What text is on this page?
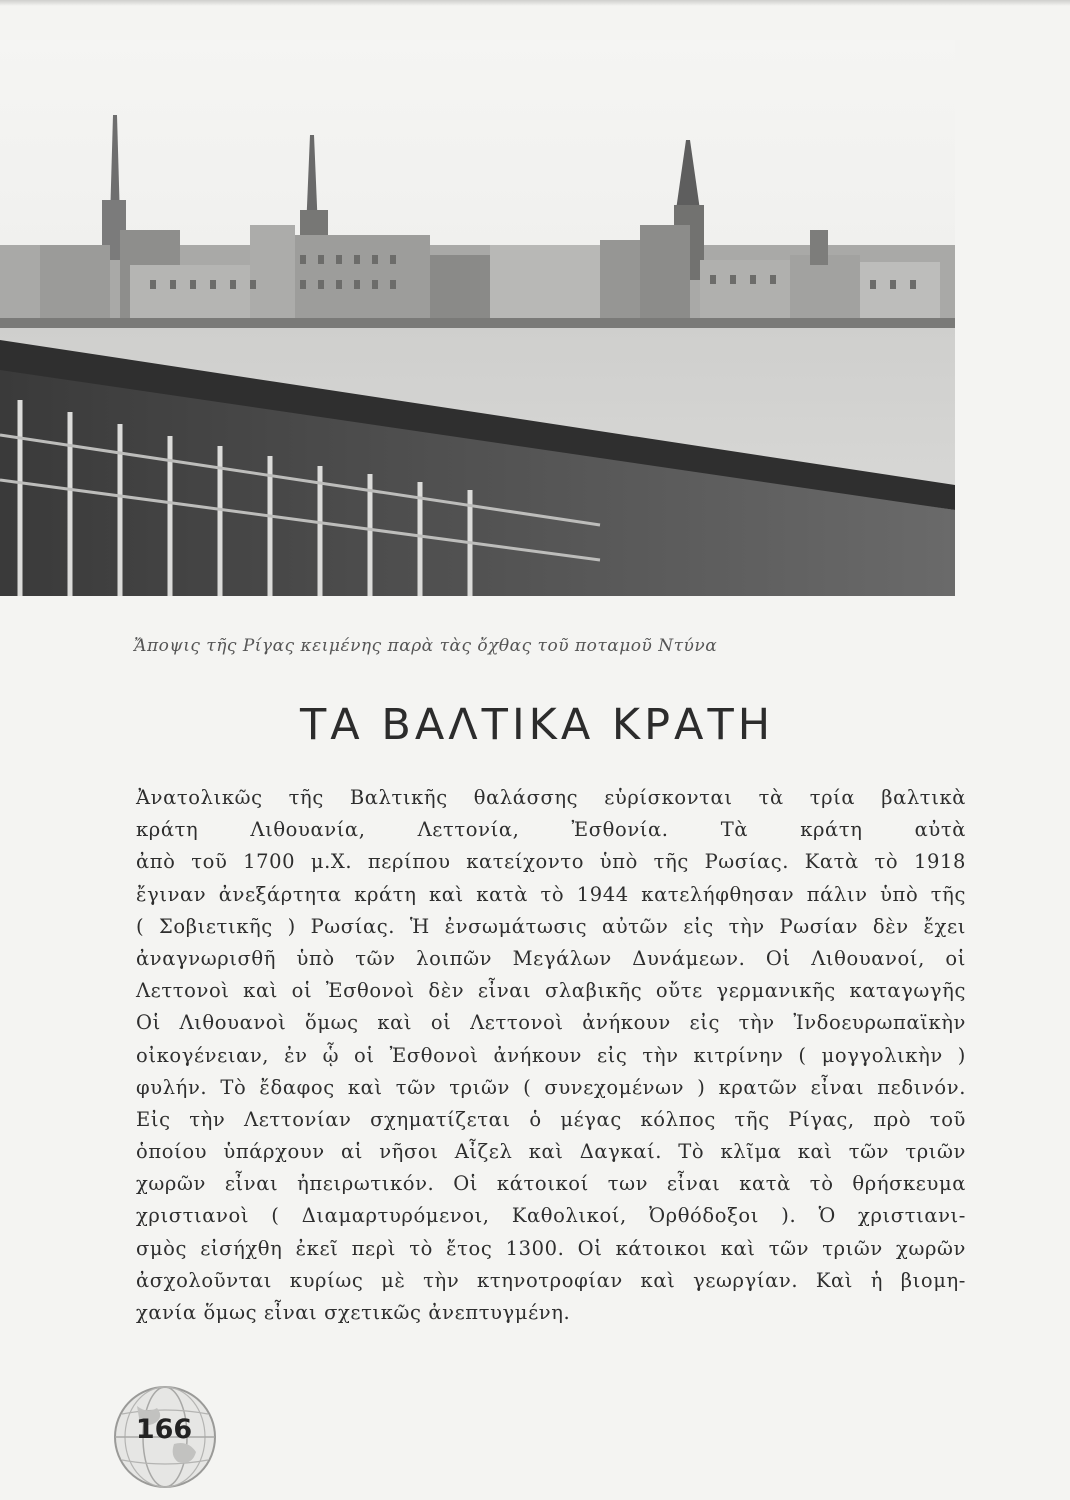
Ἄποψις τῆς Ρίγας κειμένης παρὰ τὰς ὄχθας τοῦ ποταμοῦ Ντύνα

ΤΑ ΒΑΛΤΙΚΑ ΚΡΑΤΗ
Ἀνατολικῶς τῆς Βαλτικῆς θαλάσσης εὑρίσκονται τὰ τρία βαλτικὰ
κράτη Λιθουανία, Λεττονία, Ἐσθονία. Τὰ κράτη αὐτὰ
ἀπὸ τοῦ 1700 μ.Χ. περίπου κατείχοντο ὑπὸ τῆς Ρωσίας. Κατὰ τὸ 1918
ἔγιναν ἀνεξάρτητα κράτη καὶ κατὰ τὸ 1944 κατελήφθησαν πάλιν ὑπὸ τῆς
( Σοβιετικῆς ) Ρωσίας. Ἡ ἐνσωμάτωσις αὐτῶν εἰς τὴν Ρωσίαν δὲν ἔχει
ἀναγνωρισθῆ ὑπὸ τῶν λοιπῶν Μεγάλων Δυνάμεων. Οἱ Λιθουανοί, οἱ
Λεττονοὶ καὶ οἱ Ἐσθονοὶ δὲν εἶναι σλαβικῆς οὔτε γερμανικῆς καταγωγῆς
Οἱ Λιθουανοὶ ὅμως καὶ οἱ Λεττονοὶ ἀνήκουν εἰς τὴν Ἰνδοευρωπαϊκὴν
οἰκογένειαν, ἐν ᾧ οἱ Ἐσθονοὶ ἀνήκουν εἰς τὴν κιτρίνην ( μογγολικὴν )
φυλήν. Τὸ ἔδαφος καὶ τῶν τριῶν ( συνεχομένων ) κρατῶν εἶναι πεδινόν.
Εἰς τὴν Λεττονίαν σχηματίζεται ὁ μέγας κόλπος τῆς Ρίγας, πρὸ τοῦ
ὁποίου ὑπάρχουν αἱ νῆσοι Αἶζελ καὶ Δαγκαί. Τὸ κλῖμα καὶ τῶν τριῶν
χωρῶν εἶναι ἠπειρωτικόν. Οἱ κάτοικοί των εἶναι κατὰ τὸ θρήσκευμα
χριστιανοὶ ( Διαμαρτυρόμενοι, Καθολικοί, Ὀρθόδοξοι ). Ὁ χριστιανι-
σμὸς εἰσήχθη ἐκεῖ περὶ τὸ ἔτος 1300. Οἱ κάτοικοι καὶ τῶν τριῶν χωρῶν
ἀσχολοῦνται κυρίως μὲ τὴν κτηνοτροφίαν καὶ γεωργίαν. Καὶ ἡ βιομη-
χανία ὅμως εἶναι σχετικῶς ἀνεπτυγμένη.

166
